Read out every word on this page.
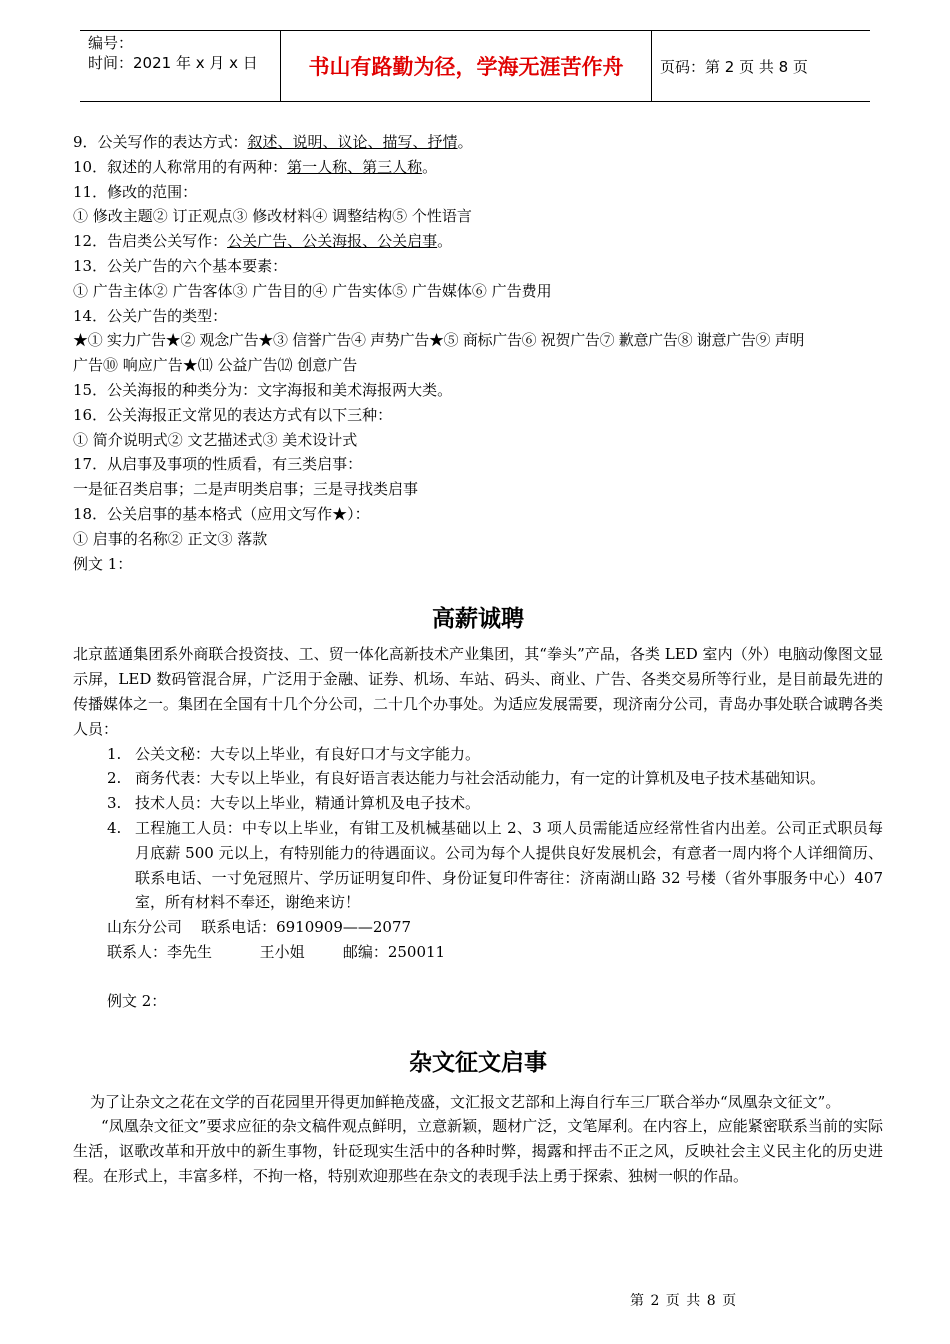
编号：
时间：2021 年 x 月 x 日	书山有路勤为径，学海无涯苦作舟	页码：第 2 页 共 8 页
9．公关写作的表达方式：叙述、说明、议论、描写、抒情。
10．叙述的人称常用的有两种：第一人称、第三人称。
11．修改的范围：
① 修改主题② 订正观点③ 修改材料④ 调整结构⑤ 个性语言
12．告启类公关写作：公关广告、公关海报、公关启事。
13．公关广告的六个基本要素：
① 广告主体② 广告客体③ 广告目的④ 广告实体⑤ 广告媒体⑥ 广告费用
14．公关广告的类型：
★① 实力广告★② 观念广告★③ 信誉广告④ 声势广告★⑤ 商标广告⑥ 祝贺广告⑦ 歉意广告⑧ 谢意广告⑨ 声明
广告⑩ 响应广告★⑾ 公益广告⑿ 创意广告
15．公关海报的种类分为：文字海报和美术海报两大类。
16．公关海报正文常见的表达方式有以下三种：
① 简介说明式② 文艺描述式③ 美术设计式
17．从启事及事项的性质看，有三类启事：
一是征召类启事；二是声明类启事；三是寻找类启事
18．公关启事的基本格式（应用文写作★）：
① 启事的名称② 正文③ 落款
例文 1：
高薪诚聘
北京蓝通集团系外商联合投资技、工、贸一体化高新技术产业集团，其“拳头”产品，各类 LED 室内（外）电脑动像图文显示屏，LED 数码管混合屏，广泛用于金融、证券、机场、车站、码头、商业、广告、各类交易所等行业，是目前最先进的传播媒体之一。集团在全国有十几个分公司，二十几个办事处。为适应发展需要，现济南分公司，青岛办事处联合诚聘各类人员：
1. 公关文秘：大专以上毕业，有良好口才与文字能力。
2. 商务代表：大专以上毕业，有良好语言表达能力与社会活动能力，有一定的计算机及电子技术基础知识。
3. 技术人员：大专以上毕业，精通计算机及电子技术。
4. 工程施工人员：中专以上毕业，有钳工及机械基础以上 2、3 项人员需能适应经常性省内出差。公司正式职员每月底薪 500 元以上，有特别能力的待遇面议。公司为每个人提供良好发展机会，有意者一周内将个人详细简历、联系电话、一寸免冠照片、学历证明复印件、身份证复印件寄往：济南湖山路 32 号楼（省外事服务中心）407 室，所有材料不奉还，谢绝来访！
山东分公司    联系电话：6910909——2077
联系人：李先生          王小姐        邮编：250011
例文 2：
杂文征文启事
为了让杂文之花在文学的百花园里开得更加鲜艳茂盛，文汇报文艺部和上海自行车三厂联合举办“凤凰杂文征文”。
“凤凰杂文征文”要求应征的杂文稿件观点鲜明，立意新颖，题材广泛，文笔犀利。在内容上，应能紧密联系当前的实际生活，讴歌改革和开放中的新生事物，针砭现实生活中的各种时弊，揭露和抨击不正之风，反映社会主义民主化的历史进程。在形式上，丰富多样，不拘一格，特别欢迎那些在杂文的表现手法上勇于探索、独树一帜的作品。
第 2 页 共 8 页
